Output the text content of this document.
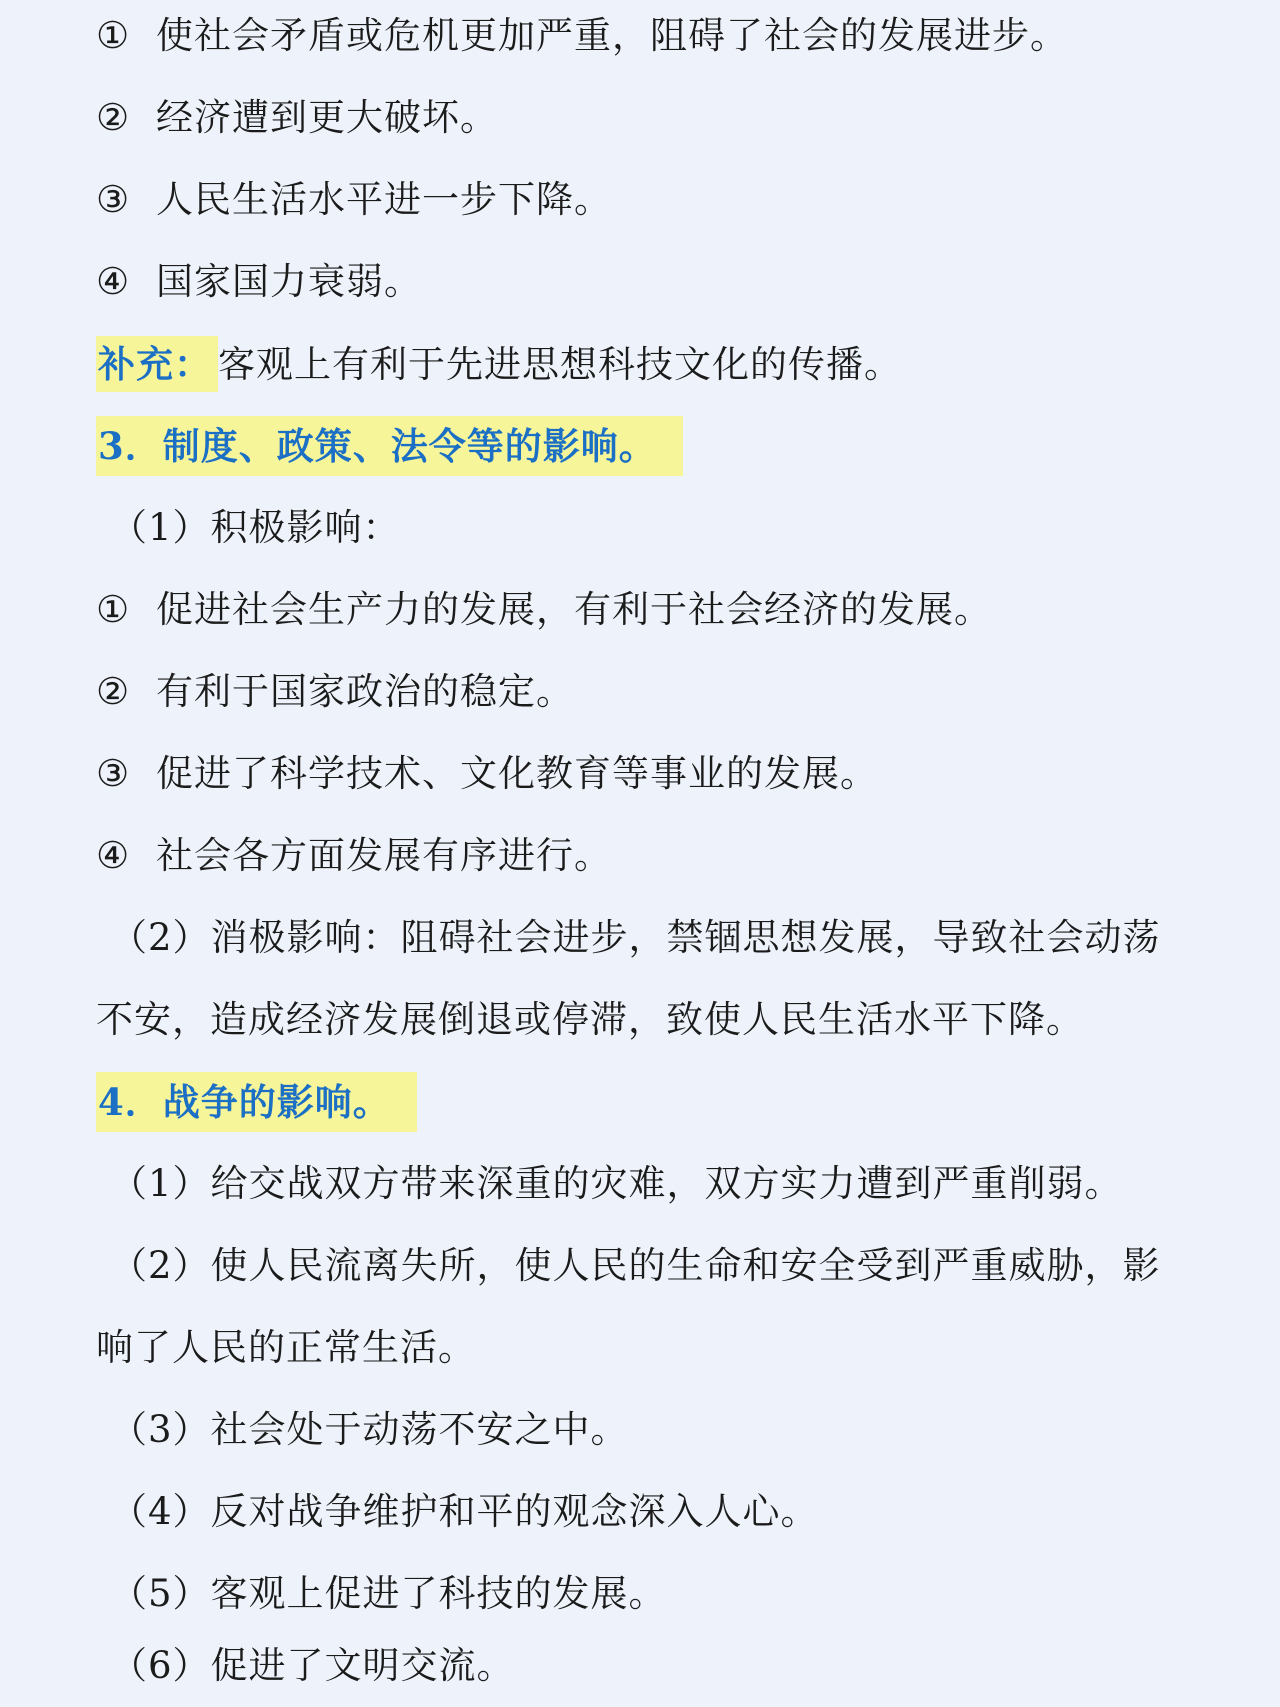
① 使社会矛盾或危机更加严重，阻碍了社会的发展进步。
② 经济遭到更大破坏。
③ 人民生活水平进一步下降。
④ 国家国力衰弱。
补充： 客观上有利于先进思想科技文化的传播。
3．制度、政策、法令等的影响。
（1）积极影响：
① 促进社会生产力的发展，有利于社会经济的发展。
② 有利于国家政治的稳定。
③ 促进了科学技术、文化教育等事业的发展。
④ 社会各方面发展有序进行。
（2）消极影响：阻碍社会进步，禁锢思想发展，导致社会动荡
不安，造成经济发展倒退或停滞，致使人民生活水平下降。
4．战争的影响。
（1）给交战双方带来深重的灾难，双方实力遭到严重削弱。
（2）使人民流离失所，使人民的生命和安全受到严重威胁，影
响了人民的正常生活。
（3）社会处于动荡不安之中。
（4）反对战争维护和平的观念深入人心。
（5）客观上促进了科技的发展。
（6）促进了文明交流。
